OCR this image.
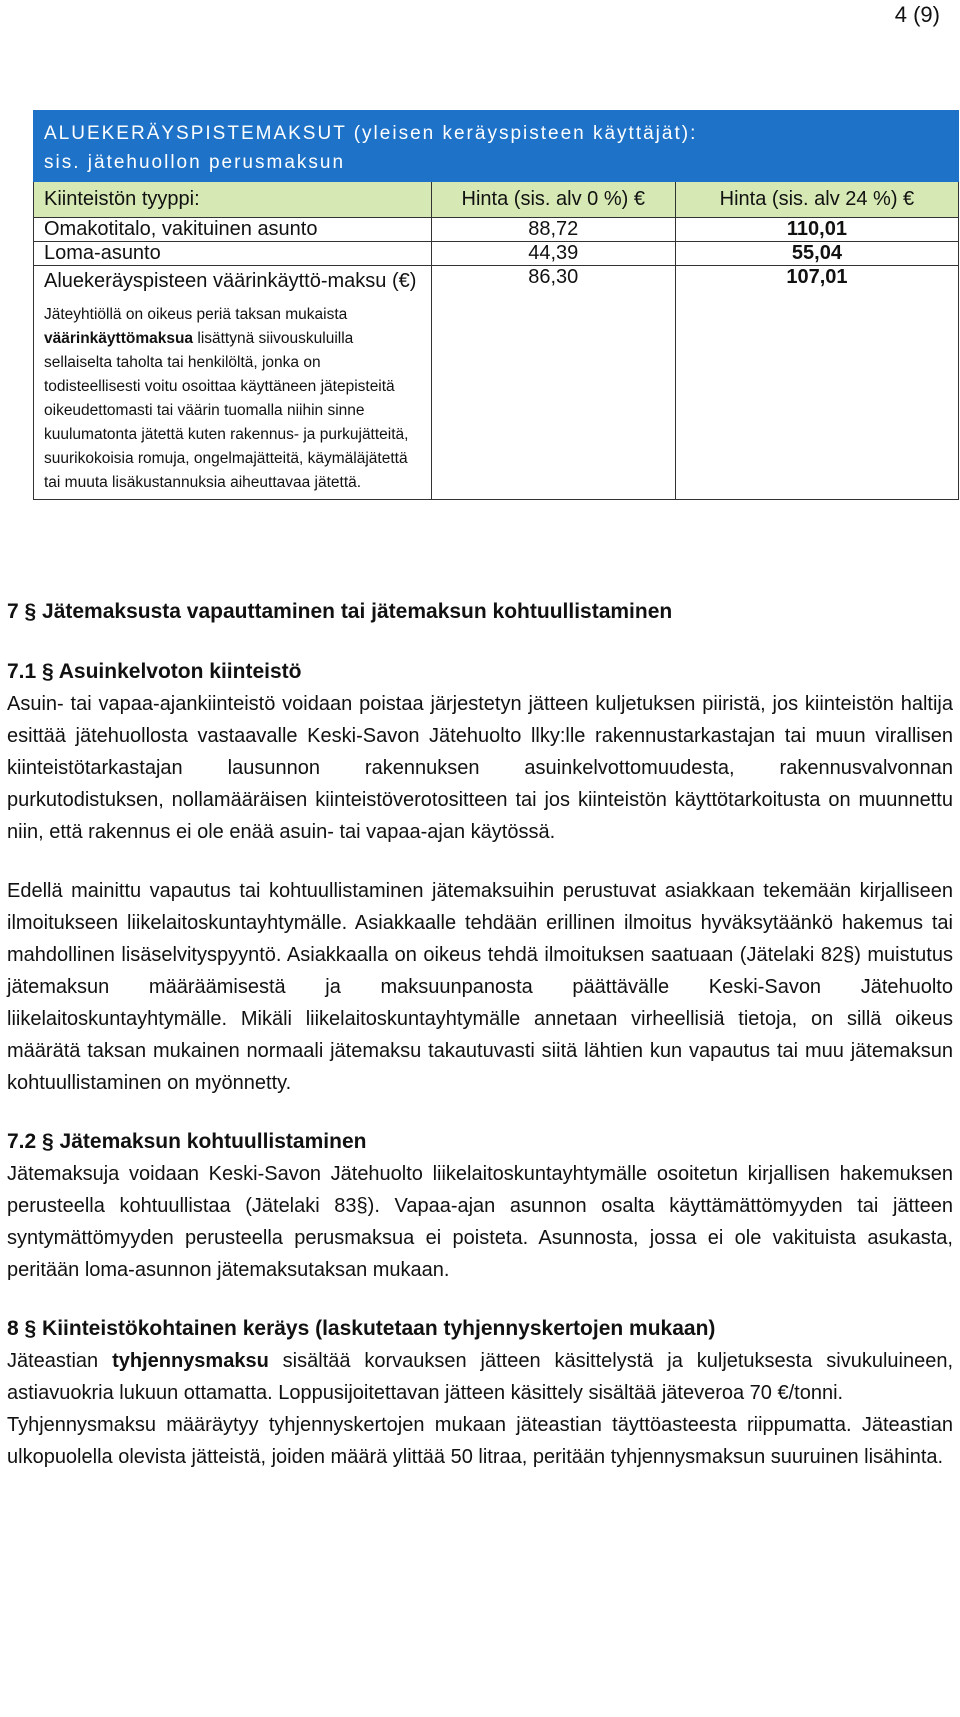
4 (9)
ALUEKERÄYSPISTEMAKSUT (yleisen keräyspisteen käyttäjät):
sis. jätehuollon perusmaksun		

Kiinteistön tyyppi:	Hinta (sis. alv 0 %) €	Hinta (sis. alv 24 %) €
Omakotitalo, vakituinen asunto	88,72	110,01
Loma-asunto	44,39	55,04

Aluekeräyspisteen väärinkäyttö-maksu (€)
Jäteyhtiöllä on oikeus periä taksan mukaista väärinkäyttömaksua lisättynä siivouskuluilla sellaiselta taholta tai henkilöltä, jonka on todisteellisesti voitu osoittaa käyttäneen jätepisteitä oikeudettomasti tai väärin tuomalla niihin sinne kuulumatonta jätettä kuten rakennus- ja purkujätteitä, suurikokoisia romuja, ongelmajätteitä, käymäläjätettä tai muuta lisäkustannuksia aiheuttavaa jätettä.	86,30	107,01
7 § Jätemaksusta vapauttaminen tai jätemaksun kohtuullistaminen
7.1 § Asuinkelvoton kiinteistö

Asuin- tai vapaa-ajankiinteistö voidaan poistaa järjestetyn jätteen kuljetuksen piiristä, jos kiinteistön haltija esittää jätehuollosta vastaavalle Keski-Savon Jätehuolto llky:lle rakennustarkastajan tai muun virallisen kiinteistötarkastajan lausunnon rakennuksen asuinkelvottomuudesta, rakennusvalvonnan purkutodistuksen, nollamääräisen kiinteistöverotositteen tai jos kiinteistön käyttötarkoitusta on muunnettu niin, että rakennus ei ole enää asuin- tai vapaa-ajan käytössä.

Edellä mainittu vapautus tai kohtuullistaminen jätemaksuihin perustuvat asiakkaan tekemään kirjalliseen ilmoitukseen liikelaitoskuntayhtymälle. Asiakkaalle tehdään erillinen ilmoitus hyväksytäänkö hakemus tai mahdollinen lisäselvityspyyntö. Asiakkaalla on oikeus tehdä ilmoituksen saatuaan (Jätelaki 82§) muistutus jätemaksun määräämisestä ja maksuunpanosta päättävälle Keski-Savon Jätehuolto liikelaitoskuntayhtymälle. Mikäli liikelaitoskuntayhtymälle annetaan virheellisiä tietoja, on sillä oikeus määrätä taksan mukainen normaali jätemaksu takautuvasti siitä lähtien kun vapautus tai muu jätemaksun kohtuullistaminen on myönnetty.

7.2 § Jätemaksun kohtuullistaminen

Jätemaksuja voidaan Keski-Savon Jätehuolto liikelaitoskuntayhtymälle osoitetun kirjallisen hakemuksen perusteella kohtuullistaa (Jätelaki 83§). Vapaa-ajan asunnon osalta käyttämättömyyden tai jätteen syntymättömyyden perusteella perusmaksua ei poisteta. Asunnosta, jossa ei ole vakituista asukasta, peritään loma-asunnon jätemaksutaksan mukaan.

8 § Kiinteistökohtainen keräys (laskutetaan tyhjennyskertojen mukaan)

Jäteastian tyhjennysmaksu sisältää korvauksen jätteen käsittelystä ja kuljetuksesta sivukuluineen, astiavuokria lukuun ottamatta. Loppusijoitettavan jätteen käsittely sisältää jäteveroa 70 €/tonni.

Tyhjennysmaksu määräytyy tyhjennyskertojen mukaan jäteastian täyttöasteesta riippumatta. Jäteastian ulkopuolella olevista jätteistä, joiden määrä ylittää 50 litraa, peritään tyhjennysmaksun suuruinen lisähinta.
